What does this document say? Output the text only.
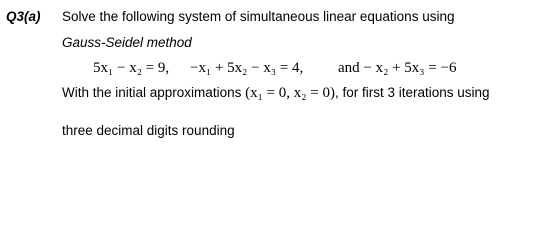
Q3(a) Solve the following system of simultaneous linear equations using
Gauss-Seidel method
5x₁ − x₂ = 9, −x₁ + 5x₂ − x₃ = 4, and − x₂ + 5x₃ = −6
With the initial approximations (x₁ = 0, x₂ = 0), for first 3 iterations using
three decimal digits rounding
